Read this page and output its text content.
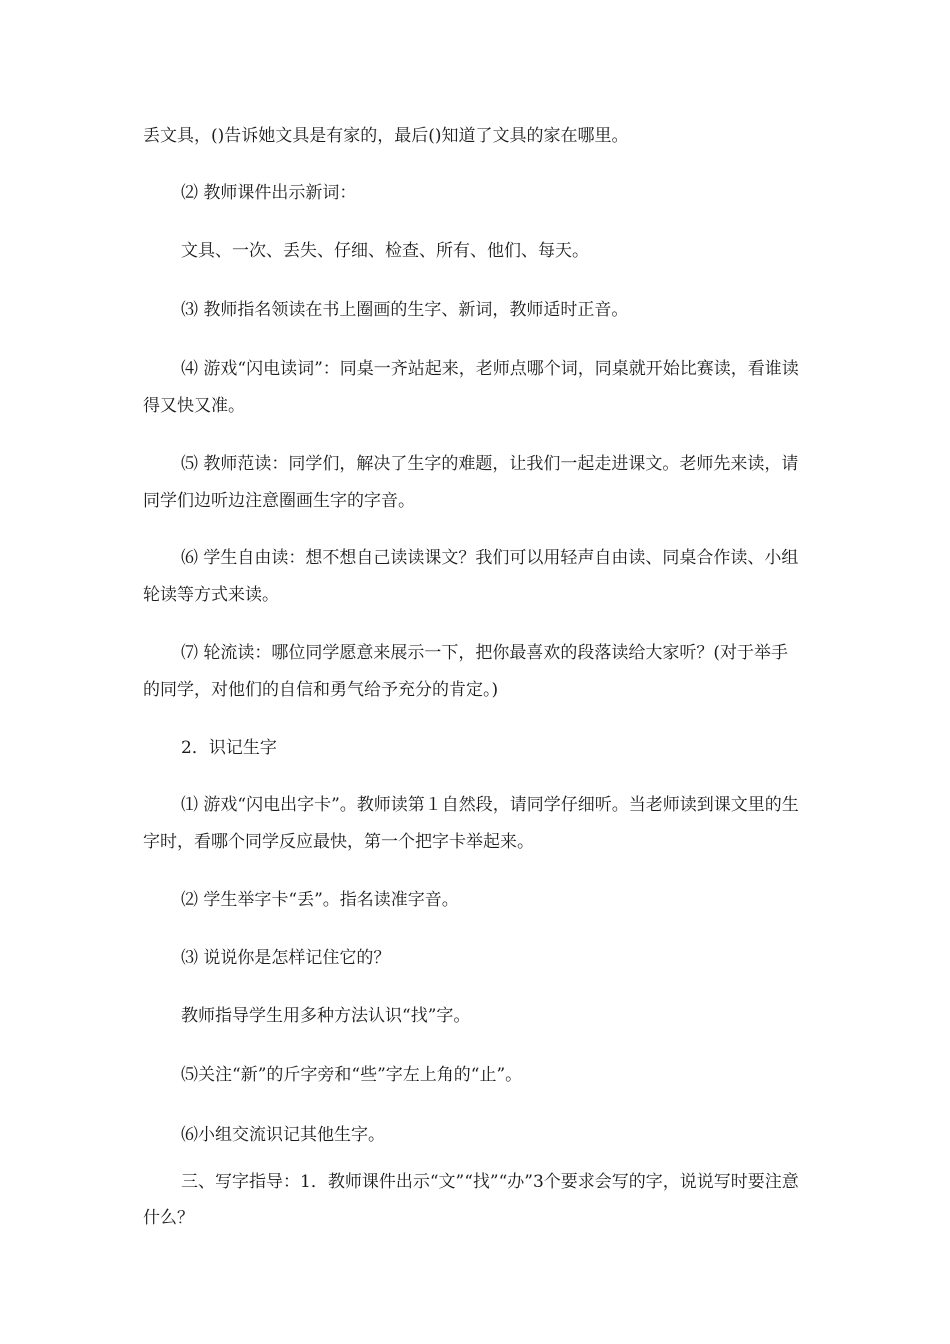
丢文具，()告诉她文具是有家的，最后()知道了文具的家在哪里。

⑵ 教师课件出示新词：

文具、一次、丢失、仔细、检查、所有、他们、每天。

⑶ 教师指名领读在书上圈画的生字、新词，教师适时正音。

⑷ 游戏“闪电读词”：同桌一齐站起来，老师点哪个词，同桌就开始比赛读，看谁读得又快又准。

⑸ 教师范读：同学们，解决了生字的难题，让我们一起走进课文。老师先来读，请同学们边听边注意圈画生字的字音。

⑹ 学生自由读：想不想自己读读课文？我们可以用轻声自由读、同桌合作读、小组轮读等方式来读。

⑺ 轮流读：哪位同学愿意来展示一下，把你最喜欢的段落读给大家听？(对于举手的同学，对他们的自信和勇气给予充分的肯定。)

2．识记生字

⑴ 游戏“闪电出字卡”。教师读第１自然段，请同学仔细听。当老师读到课文里的生字时，看哪个同学反应最快，第一个把字卡举起来。

⑵ 学生举字卡“丢”。指名读准字音。

⑶ 说说你是怎样记住它的？

教师指导学生用多种方法认识“找”字。

⑸关注“新”的斤字旁和“些”字左上角的“止”。

⑹小组交流识记其他生字。

三、写字指导：1．教师课件出示“文”“找”“办”3个要求会写的字，说说写时要注意什么？
